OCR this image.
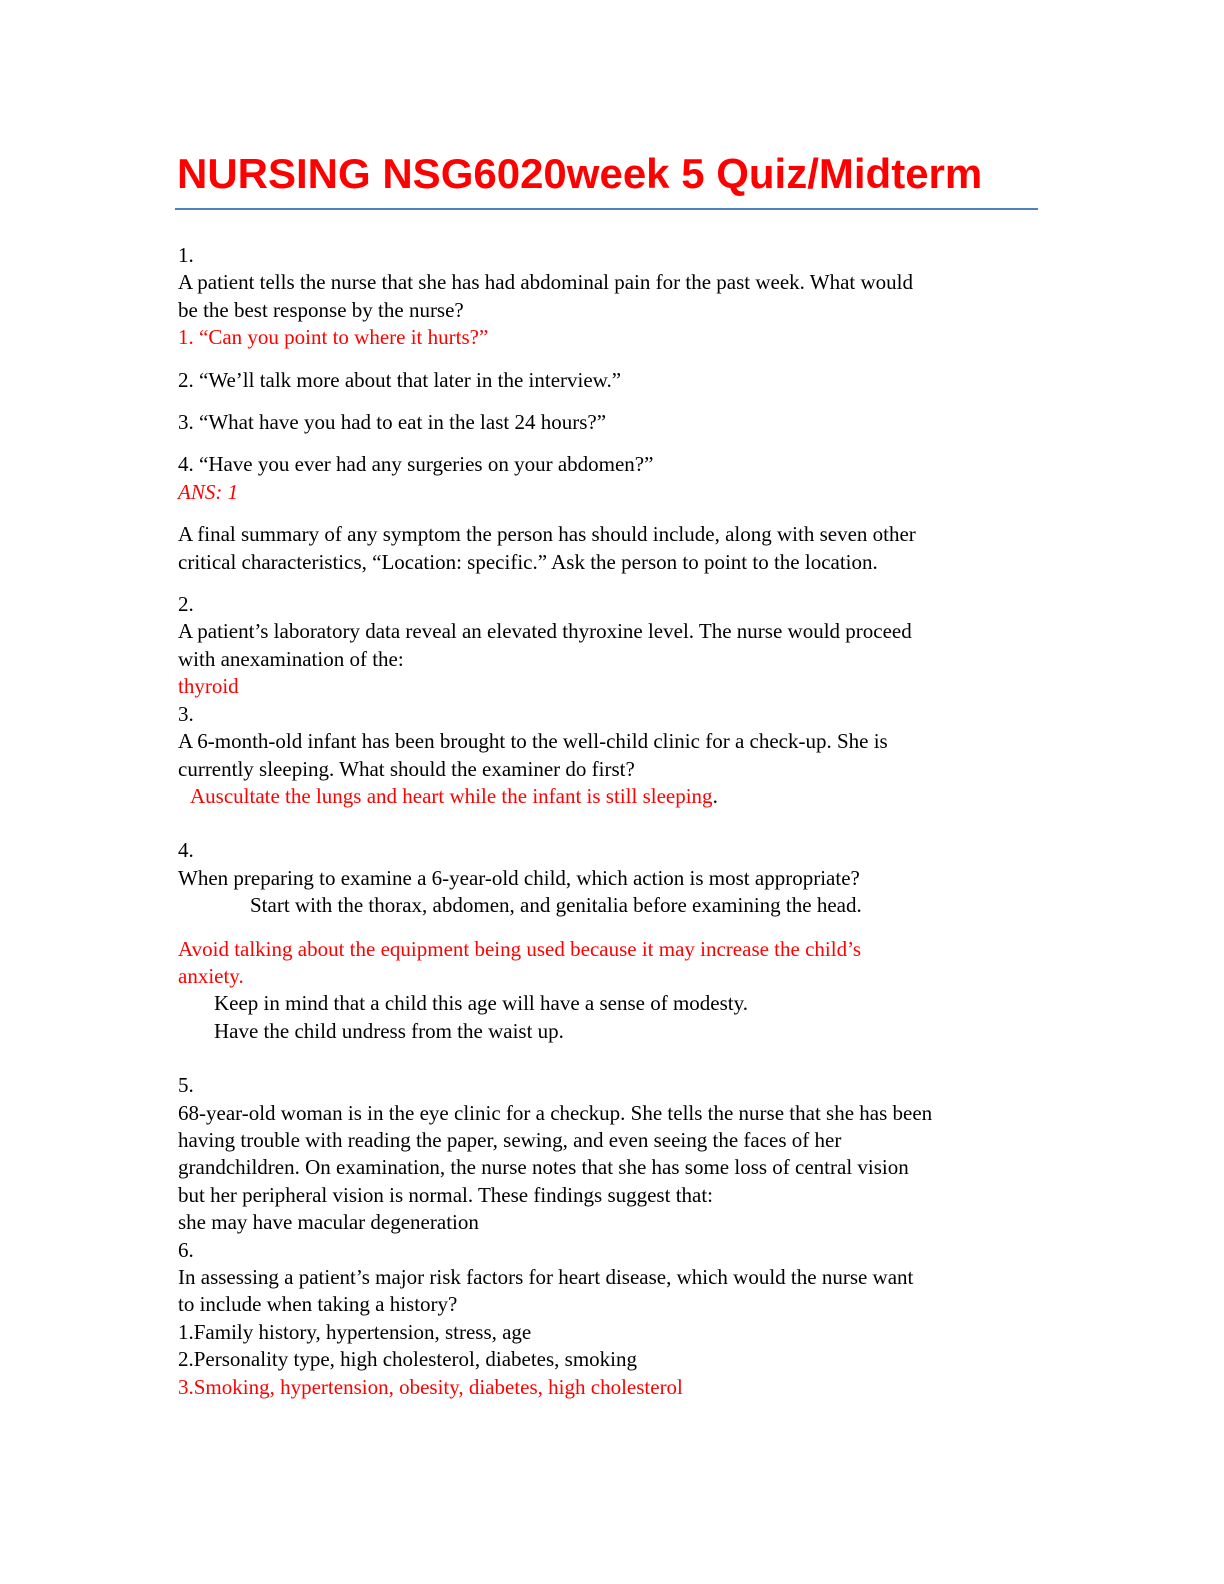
NURSING NSG6020week 5 Quiz/Midterm

1.

A patient tells the nurse that she has had abdominal pain for the past week. What would

be the best response by the nurse?

1. “Can you point to where it hurts?”

2. “We’ll talk more about that later in the interview.”

3. “What have you had to eat in the last 24 hours?”

4. “Have you ever had any surgeries on your abdomen?”

ANS: 1

A final summary of any symptom the person has should include, along with seven other

critical characteristics, “Location: specific.” Ask the person to point to the location.

2.

A patient’s laboratory data reveal an elevated thyroxine level. The nurse would proceed

with anexamination of the:

thyroid

3.

A 6-month-old infant has been brought to the well-child clinic for a check-up. She is

currently sleeping. What should the examiner do first?

Auscultate the lungs and heart while the infant is still sleeping.

4.

When preparing to examine a 6-year-old child, which action is most appropriate?

Start with the thorax, abdomen, and genitalia before examining the head.

Avoid talking about the equipment being used because it may increase the child’s

anxiety.

Keep in mind that a child this age will have a sense of modesty.

Have the child undress from the waist up.

5.

68-year-old woman is in the eye clinic for a checkup. She tells the nurse that she has been

having trouble with reading the paper, sewing, and even seeing the faces of her

grandchildren. On examination, the nurse notes that she has some loss of central vision

but her peripheral vision is normal. These findings suggest that:

she may have macular degeneration

6.

In assessing a patient’s major risk factors for heart disease, which would the nurse want

to include when taking a history?

1.Family history, hypertension, stress, age

2.Personality type, high cholesterol, diabetes, smoking

3.Smoking, hypertension, obesity, diabetes, high cholesterol
